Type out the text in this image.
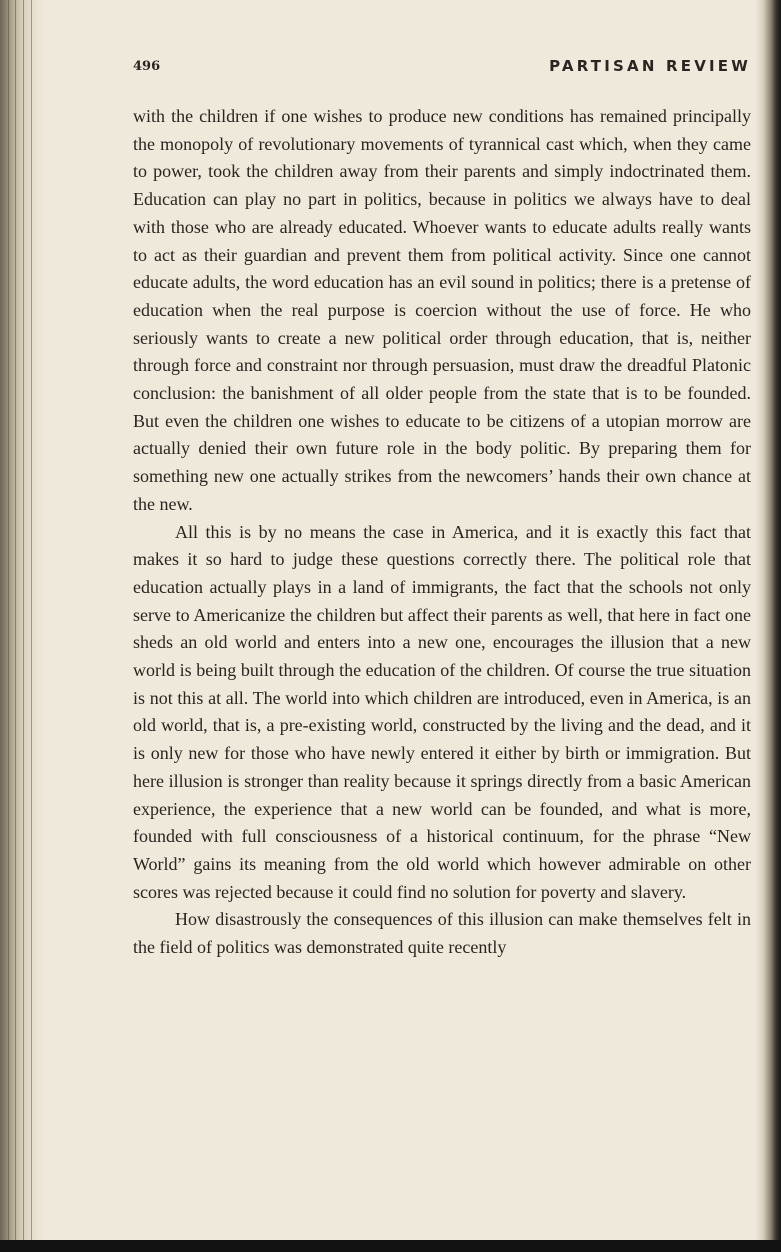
496	PARTISAN REVIEW

with the children if one wishes to produce new conditions has remained principally the monopoly of revolutionary movements of tyrannical cast which, when they came to power, took the children away from their parents and simply indoctrinated them. Education can play no part in politics, because in politics we always have to deal with those who are already educated. Whoever wants to educate adults really wants to act as their guardian and prevent them from political activity. Since one cannot educate adults, the word education has an evil sound in politics; there is a pretense of education when the real purpose is coercion without the use of force. He who seriously wants to create a new political order through education, that is, neither through force and constraint nor through persuasion, must draw the dreadful Platonic conclusion: the banishment of all older people from the state that is to be founded. But even the children one wishes to educate to be citizens of a utopian morrow are actually denied their own future role in the body politic. By preparing them for something new one actually strikes from the newcomers’ hands their own chance at the new.

All this is by no means the case in America, and it is exactly this fact that makes it so hard to judge these questions correctly there. The political role that education actually plays in a land of immigrants, the fact that the schools not only serve to Americanize the children but affect their parents as well, that here in fact one sheds an old world and enters into a new one, encourages the illusion that a new world is being built through the education of the children. Of course the true situation is not this at all. The world into which children are introduced, even in America, is an old world, that is, a pre-existing world, constructed by the living and the dead, and it is only new for those who have newly entered it either by birth or immigration. But here illusion is stronger than reality because it springs directly from a basic American experience, the experience that a new world can be founded, and what is more, founded with full consciousness of a historical continuum, for the phrase “New World” gains its meaning from the old world which however admirable on other scores was rejected because it could find no solution for poverty and slavery.

How disastrously the consequences of this illusion can make themselves felt in the field of politics was demonstrated quite recently
